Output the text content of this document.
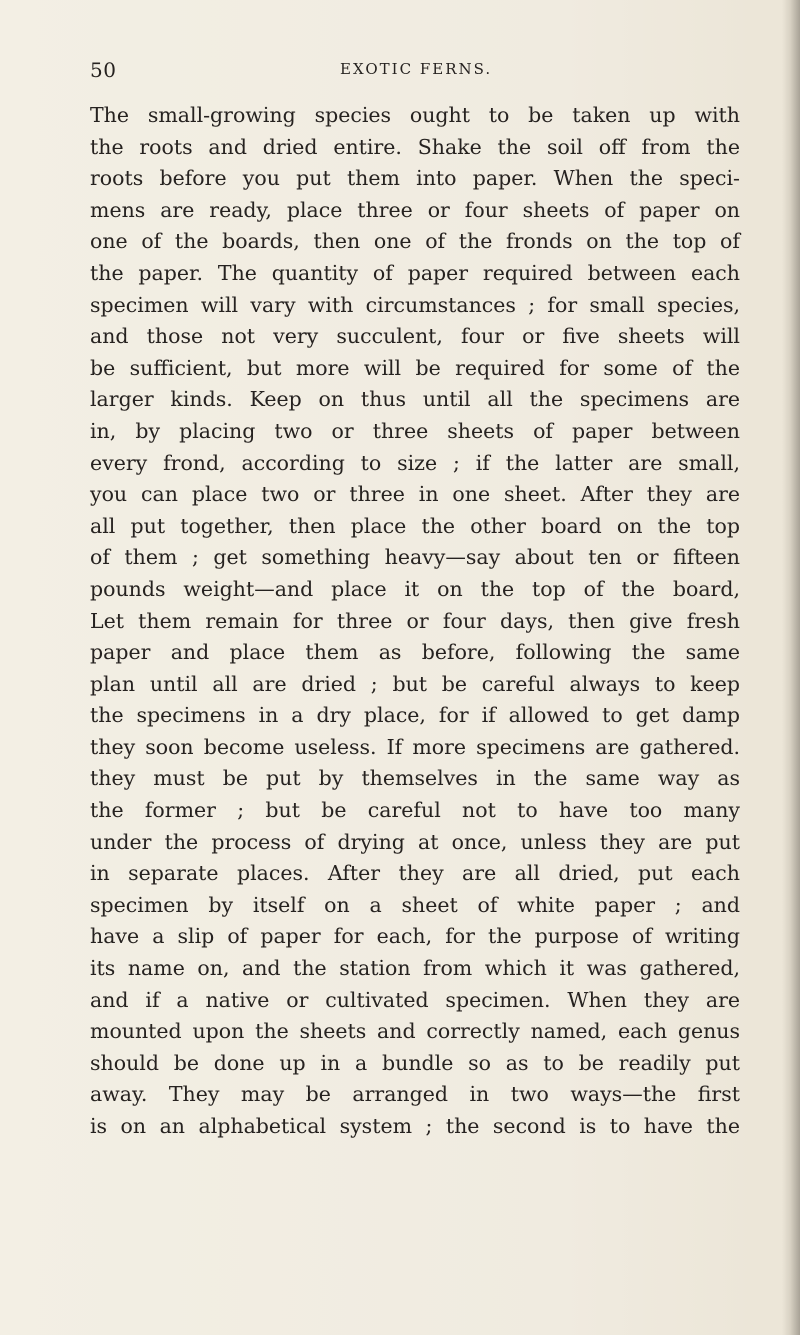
50	EXOTIC FERNS.
The small-growing species ought to be taken up with
the roots and dried entire. Shake the soil off from the
roots before you put them into paper. When the speci-
mens are ready, place three or four sheets of paper on
one of the boards, then one of the fronds on the top of
the paper. The quantity of paper required between each
specimen will vary with circumstances ; for small species,
and those not very succulent, four or five sheets will
be sufficient, but more will be required for some of the
larger kinds. Keep on thus until all the specimens are
in, by placing two or three sheets of paper between
every frond, according to size ; if the latter are small,
you can place two or three in one sheet. After they are
all put together, then place the other board on the top
of them ; get something heavy—say about ten or fifteen
pounds weight—and place it on the top of the board,
Let them remain for three or four days, then give fresh
paper and place them as before, following the same
plan until all are dried ; but be careful always to keep
the specimens in a dry place, for if allowed to get damp
they soon become useless. If more specimens are gathered.
they must be put by themselves in the same way as
the former ; but be careful not to have too many
under the process of drying at once, unless they are put
in separate places. After they are all dried, put each
specimen by itself on a sheet of white paper ; and
have a slip of paper for each, for the purpose of writing
its name on, and the station from which it was gathered,
and if a native or cultivated specimen. When they are
mounted upon the sheets and correctly named, each genus
should be done up in a bundle so as to be readily put
away. They may be arranged in two ways—the first
is on an alphabetical system ; the second is to have the
